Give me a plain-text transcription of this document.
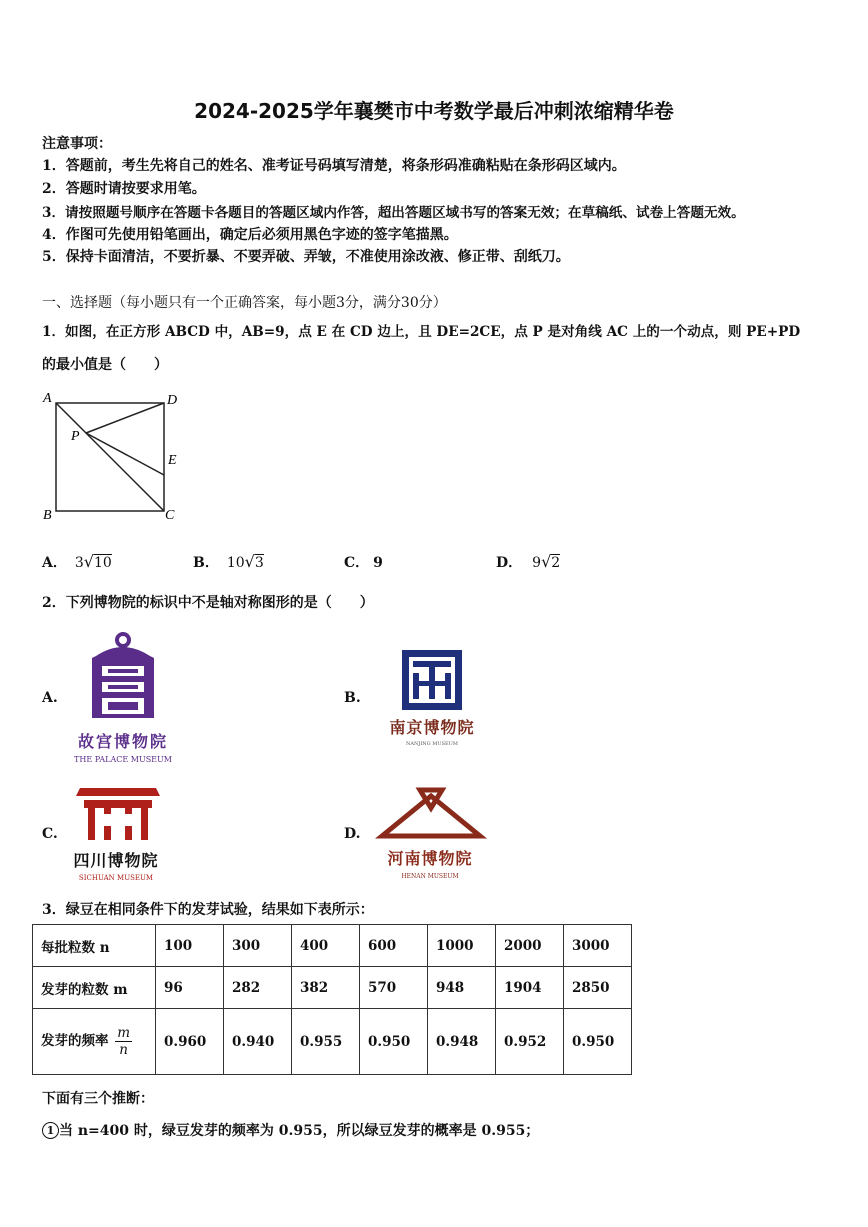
2024-2025学年襄樊市中考数学最后冲刺浓缩精华卷
注意事项：
1．答题前，考生先将自己的姓名、准考证号码填写清楚，将条形码准确粘贴在条形码区域内。
2．答题时请按要求用笔。
3．请按照题号顺序在答题卡各题目的答题区域内作答，超出答题区域书写的答案无效；在草稿纸、试卷上答题无效。
4．作图可先使用铅笔画出，确定后必须用黑色字迹的签字笔描黑。
5．保持卡面清洁，不要折暴、不要弄破、弄皱，不准使用涂改液、修正带、刮纸刀。
一、选择题（每小题只有一个正确答案，每小题3分，满分30分）
1．如图，在正方形 ABCD 中，AB=9，点 E 在 CD 边上，且 DE=2CE，点 P 是对角线 AC 上的一个动点，则 PE+PD
的最小值是（　　）
A	D
E
P
B	C
A． 3√10	B． 10√3	C． 9	D． 9√2
2．下列博物院的标识中不是轴对称图形的是（　　）
A.	B.
C.	D.
故宫博物院
THE PALACE MUSEUM
南京博物院
NANJING MUSEUM
四川博物院
SICHUAN MUSEUM
河南博物院
HENAN MUSEUM
3．绿豆在相同条件下的发芽试验，结果如下表所示：
每批粒数 n	100	300	400	600	1000	2000	3000
发芽的粒数 m	96	282	382	570	948	1904	2850
发芽的频率 $\frac{m}{n}$	0.960	0.940	0.955	0.950	0.948	0.952	0.950
下面有三个推断：
1 当 n=400 时，绿豆发芽的频率为 0.955，所以绿豆发芽的概率是 0.955；
